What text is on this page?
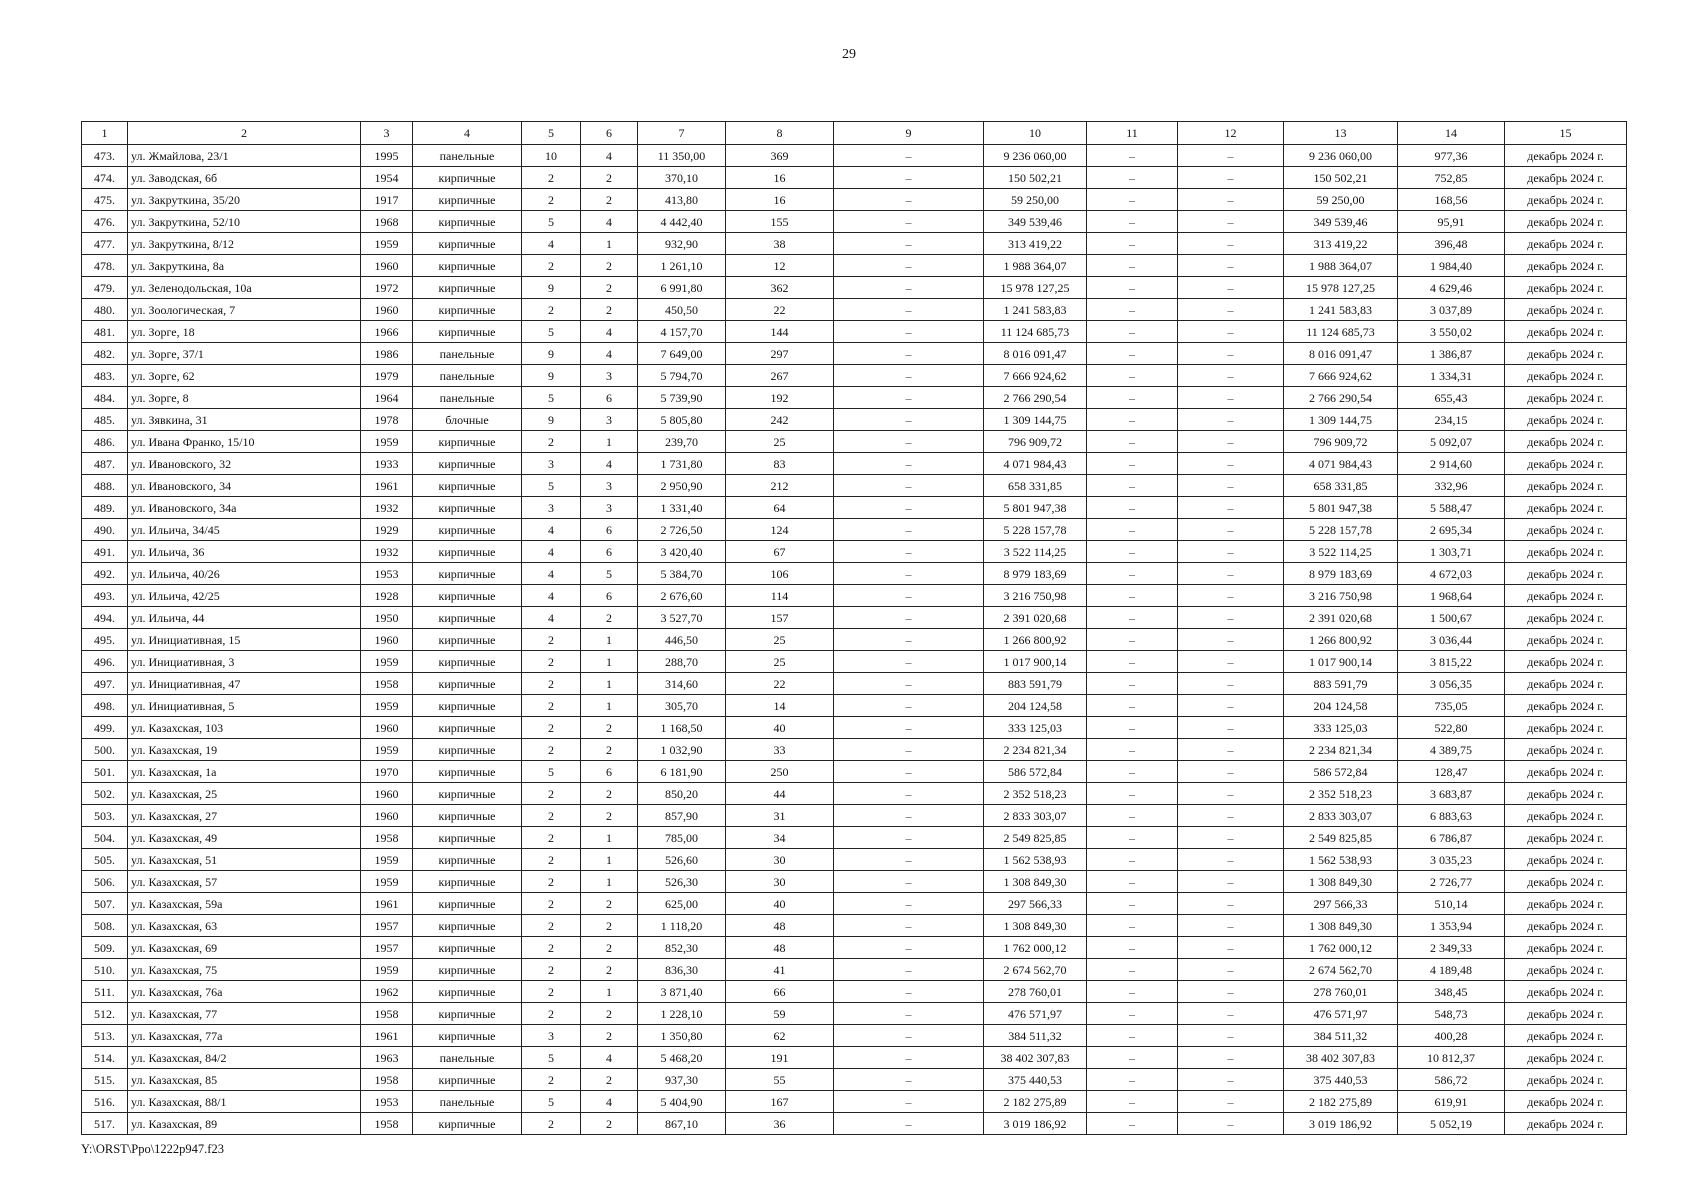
29
1	2	3	4	5	6	7	8	9	10	11	12	13	14	15
473.	ул. Жмайлова, 23/1	1995	панельные	10	4	11 350,00	369	–	9 236 060,00	–	–	9 236 060,00	977,36	декабрь 2024 г.
474.	ул. Заводская, 6б	1954	кирпичные	2	2	370,10	16	–	150 502,21	–	–	150 502,21	752,85	декабрь 2024 г.
475.	ул. Закруткина, 35/20	1917	кирпичные	2	2	413,80	16	–	59 250,00	–	–	59 250,00	168,56	декабрь 2024 г.
476.	ул. Закруткина, 52/10	1968	кирпичные	5	4	4 442,40	155	–	349 539,46	–	–	349 539,46	95,91	декабрь 2024 г.
477.	ул. Закруткина, 8/12	1959	кирпичные	4	1	932,90	38	–	313 419,22	–	–	313 419,22	396,48	декабрь 2024 г.
478.	ул. Закруткина, 8а	1960	кирпичные	2	2	1 261,10	12	–	1 988 364,07	–	–	1 988 364,07	1 984,40	декабрь 2024 г.
479.	ул. Зеленодольская, 10а	1972	кирпичные	9	2	6 991,80	362	–	15 978 127,25	–	–	15 978 127,25	4 629,46	декабрь 2024 г.
480.	ул. Зоологическая, 7	1960	кирпичные	2	2	450,50	22	–	1 241 583,83	–	–	1 241 583,83	3 037,89	декабрь 2024 г.
481.	ул. Зорге, 18	1966	кирпичные	5	4	4 157,70	144	–	11 124 685,73	–	–	11 124 685,73	3 550,02	декабрь 2024 г.
482.	ул. Зорге, 37/1	1986	панельные	9	4	7 649,00	297	–	8 016 091,47	–	–	8 016 091,47	1 386,87	декабрь 2024 г.
483.	ул. Зорге, 62	1979	панельные	9	3	5 794,70	267	–	7 666 924,62	–	–	7 666 924,62	1 334,31	декабрь 2024 г.
484.	ул. Зорге, 8	1964	панельные	5	6	5 739,90	192	–	2 766 290,54	–	–	2 766 290,54	655,43	декабрь 2024 г.
485.	ул. Зявкина, 31	1978	блочные	9	3	5 805,80	242	–	1 309 144,75	–	–	1 309 144,75	234,15	декабрь 2024 г.
486.	ул. Ивана Франко, 15/10	1959	кирпичные	2	1	239,70	25	–	796 909,72	–	–	796 909,72	5 092,07	декабрь 2024 г.
487.	ул. Ивановского, 32	1933	кирпичные	3	4	1 731,80	83	–	4 071 984,43	–	–	4 071 984,43	2 914,60	декабрь 2024 г.
488.	ул. Ивановского, 34	1961	кирпичные	5	3	2 950,90	212	–	658 331,85	–	–	658 331,85	332,96	декабрь 2024 г.
489.	ул. Ивановского, 34а	1932	кирпичные	3	3	1 331,40	64	–	5 801 947,38	–	–	5 801 947,38	5 588,47	декабрь 2024 г.
490.	ул. Ильича, 34/45	1929	кирпичные	4	6	2 726,50	124	–	5 228 157,78	–	–	5 228 157,78	2 695,34	декабрь 2024 г.
491.	ул. Ильича, 36	1932	кирпичные	4	6	3 420,40	67	–	3 522 114,25	–	–	3 522 114,25	1 303,71	декабрь 2024 г.
492.	ул. Ильича, 40/26	1953	кирпичные	4	5	5 384,70	106	–	8 979 183,69	–	–	8 979 183,69	4 672,03	декабрь 2024 г.
493.	ул. Ильича, 42/25	1928	кирпичные	4	6	2 676,60	114	–	3 216 750,98	–	–	3 216 750,98	1 968,64	декабрь 2024 г.
494.	ул. Ильича, 44	1950	кирпичные	4	2	3 527,70	157	–	2 391 020,68	–	–	2 391 020,68	1 500,67	декабрь 2024 г.
495.	ул. Инициативная, 15	1960	кирпичные	2	1	446,50	25	–	1 266 800,92	–	–	1 266 800,92	3 036,44	декабрь 2024 г.
496.	ул. Инициативная, 3	1959	кирпичные	2	1	288,70	25	–	1 017 900,14	–	–	1 017 900,14	3 815,22	декабрь 2024 г.
497.	ул. Инициативная, 47	1958	кирпичные	2	1	314,60	22	–	883 591,79	–	–	883 591,79	3 056,35	декабрь 2024 г.
498.	ул. Инициативная, 5	1959	кирпичные	2	1	305,70	14	–	204 124,58	–	–	204 124,58	735,05	декабрь 2024 г.
499.	ул. Казахская, 103	1960	кирпичные	2	2	1 168,50	40	–	333 125,03	–	–	333 125,03	522,80	декабрь 2024 г.
500.	ул. Казахская, 19	1959	кирпичные	2	2	1 032,90	33	–	2 234 821,34	–	–	2 234 821,34	4 389,75	декабрь 2024 г.
501.	ул. Казахская, 1а	1970	кирпичные	5	6	6 181,90	250	–	586 572,84	–	–	586 572,84	128,47	декабрь 2024 г.
502.	ул. Казахская, 25	1960	кирпичные	2	2	850,20	44	–	2 352 518,23	–	–	2 352 518,23	3 683,87	декабрь 2024 г.
503.	ул. Казахская, 27	1960	кирпичные	2	2	857,90	31	–	2 833 303,07	–	–	2 833 303,07	6 883,63	декабрь 2024 г.
504.	ул. Казахская, 49	1958	кирпичные	2	1	785,00	34	–	2 549 825,85	–	–	2 549 825,85	6 786,87	декабрь 2024 г.
505.	ул. Казахская, 51	1959	кирпичные	2	1	526,60	30	–	1 562 538,93	–	–	1 562 538,93	3 035,23	декабрь 2024 г.
506.	ул. Казахская, 57	1959	кирпичные	2	1	526,30	30	–	1 308 849,30	–	–	1 308 849,30	2 726,77	декабрь 2024 г.
507.	ул. Казахская, 59а	1961	кирпичные	2	2	625,00	40	–	297 566,33	–	–	297 566,33	510,14	декабрь 2024 г.
508.	ул. Казахская, 63	1957	кирпичные	2	2	1 118,20	48	–	1 308 849,30	–	–	1 308 849,30	1 353,94	декабрь 2024 г.
509.	ул. Казахская, 69	1957	кирпичные	2	2	852,30	48	–	1 762 000,12	–	–	1 762 000,12	2 349,33	декабрь 2024 г.
510.	ул. Казахская, 75	1959	кирпичные	2	2	836,30	41	–	2 674 562,70	–	–	2 674 562,70	4 189,48	декабрь 2024 г.
511.	ул. Казахская, 76а	1962	кирпичные	2	1	3 871,40	66	–	278 760,01	–	–	278 760,01	348,45	декабрь 2024 г.
512.	ул. Казахская, 77	1958	кирпичные	2	2	1 228,10	59	–	476 571,97	–	–	476 571,97	548,73	декабрь 2024 г.
513.	ул. Казахская, 77а	1961	кирпичные	3	2	1 350,80	62	–	384 511,32	–	–	384 511,32	400,28	декабрь 2024 г.
514.	ул. Казахская, 84/2	1963	панельные	5	4	5 468,20	191	–	38 402 307,83	–	–	38 402 307,83	10 812,37	декабрь 2024 г.
515.	ул. Казахская, 85	1958	кирпичные	2	2	937,30	55	–	375 440,53	–	–	375 440,53	586,72	декабрь 2024 г.
516.	ул. Казахская, 88/1	1953	панельные	5	4	5 404,90	167	–	2 182 275,89	–	–	2 182 275,89	619,91	декабрь 2024 г.
517.	ул. Казахская, 89	1958	кирпичные	2	2	867,10	36	–	3 019 186,92	–	–	3 019 186,92	5 052,19	декабрь 2024 г.
Y:\ORST\Ppo\1222p947.f23
